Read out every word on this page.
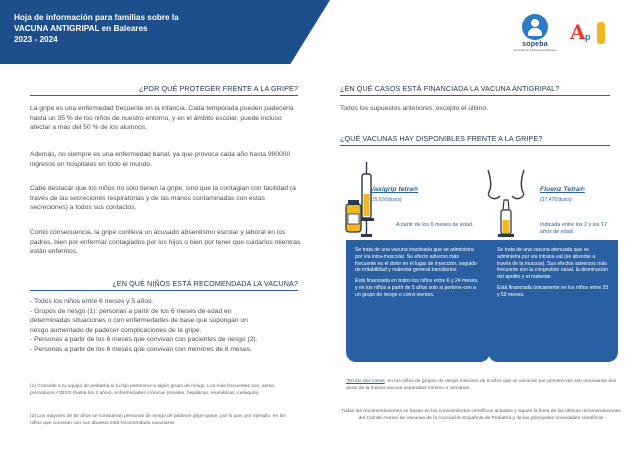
Hoja de información para familias sobre la
VACUNA ANTIGRIPAL en Baleares
2023 - 2024
sopeba
Sociedad de Pediatría de Baleares
A p
¿POR QUÉ PROTEGER FRENTE A LA GRIPE?
La gripe es una enfermedad frecuente en la infancia. Cada temporada pueden padecerla hasta un 35 % de los niños de nuestro entorno, y en el ámbito escolar, puede incluso afectar a más del 50 % de los alumnos.
Además, no siempre es una enfermedad banal, ya que provoca cada año hasta 900000 ingresos en hospitales en todo el mundo.
Cabe destacar que los niños no solo tienen la gripe, sino que la contagian con facilidad (a través de las secreciones respiratorias y de las manos contaminadas con estas secreciones) a todos sus contactos.
Como consecuencia, la gripe conlleva un acusado absentismo escolar y laboral en los padres, bien por enfermar contagiados por los hijos o bien por tener que cuidarlos mientras están enfermos.
¿EN QUÉ NIÑOS ESTÁ RECOMENDADA LA VACUNA?
- Todos los niños entre 6 meses y 5 años.
- Grupos de riesgo (1): personas a partir de los 6 meses de edad en
determinadas situaciones o con enfermedades de base que supongan un
riesgo aumentado de padecer complicaciones de la gripe.
- Personas a partir de los 6 meses que convivan con pacientes de riesgo (2).
- Personas a partir de los 6 meses que convivan con menores de 6 meses.
(1) Consulte a tu equipo de pediatría si tu hijo pertenece a algún grupo de riesgo. Los más frecuentes son: asma, prematuros <32SG (hasta los 2 años), enfermedades crónicas (renales, hepáticas, reumáticas, celiaquía).
(2) Los mayores de 60 años se consideran personas de riesgo de padecer gripe grave, por lo que, por ejemplo, en los niños que convivan con sus abuelos está recomendado vacunarse.
¿EN QUÉ CASOS ESTÁ FINANCIADA LA VACUNA ANTIGRIPAL?
Todos los supuestos anteriores, excepto el último.
¿QUÉ VACUNAS HAY DISPONIBLES FRENTE A LA GRIPE?
Vaxigrip tetra®
(15,51€/dosis)
A partir de los 6 meses de edad.

Se trata de una vacuna inactivada que se administra por vía intra-muscular. Su efecto adverso más frecuente es el dolor en el lugar de inyección, seguido de irritabilidad y malestar general transitorios.

Está financiada en todos los niños entre 6 y 24 meses, y en los niños a partir de 5 años solo si pertene-cen a un grupo de riesgo o convi-vientes.

Fluenz Tetra®
(37,47€/dosis)
Indicada entre los 2 y los 17 años de edad.

Se trata de una vacuna atenuada que se administra por vía intrana-sal (se absorbe a través de la mucosa). Sus efectos adversos más frecuente son la congestión nasal, la disminución del apetito y el malestar.

Está financiada únicamente en los niños entre 25 y 59 meses.

*En los dos casos, en los niños de grupos de riesgo menores de 9 años que se vacunan por primera vez son necesarias dos dosis de la misma vacuna separadas mínimo 4 semanas.
Todas las recomendaciones se basan en los conocimientos científicos actuales y siguen la línea de las últimas recomendaciones del Comité Asesor de Vacunas de la Asociación Española de Pediatría y de las principales sociedades científicas
